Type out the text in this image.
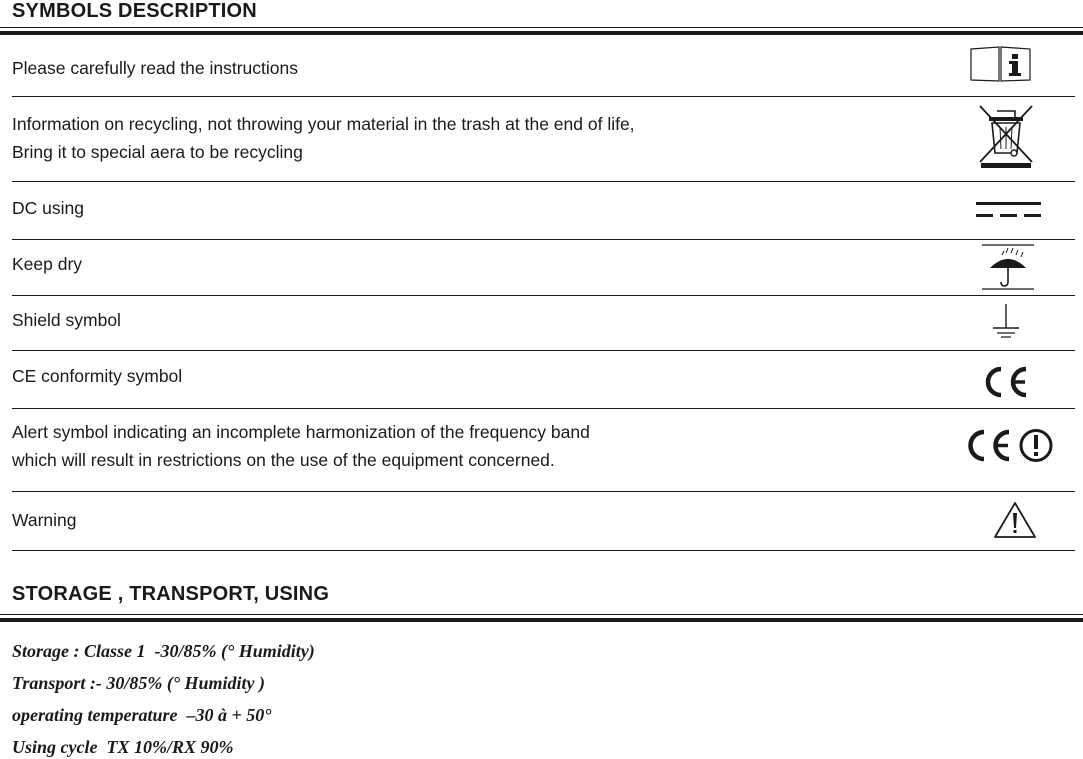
SYMBOLS DESCRIPTION
Please carefully read the instructions
Information on recycling, not throwing your material in the trash at the end of life,
Bring it to special aera to be recycling
DC using
Keep dry
Shield symbol
CE conformity symbol
Alert symbol indicating an incomplete harmonization of the frequency band
which will result in restrictions on the use of the equipment concerned.
Warning
STORAGE , TRANSPORT, USING
Storage : Classe 1  -30/85% (° Humidity)
Transport :- 30/85% (° Humidity )
operating temperature  –30 à + 50°
Using cycle  TX 10%/RX 90%
